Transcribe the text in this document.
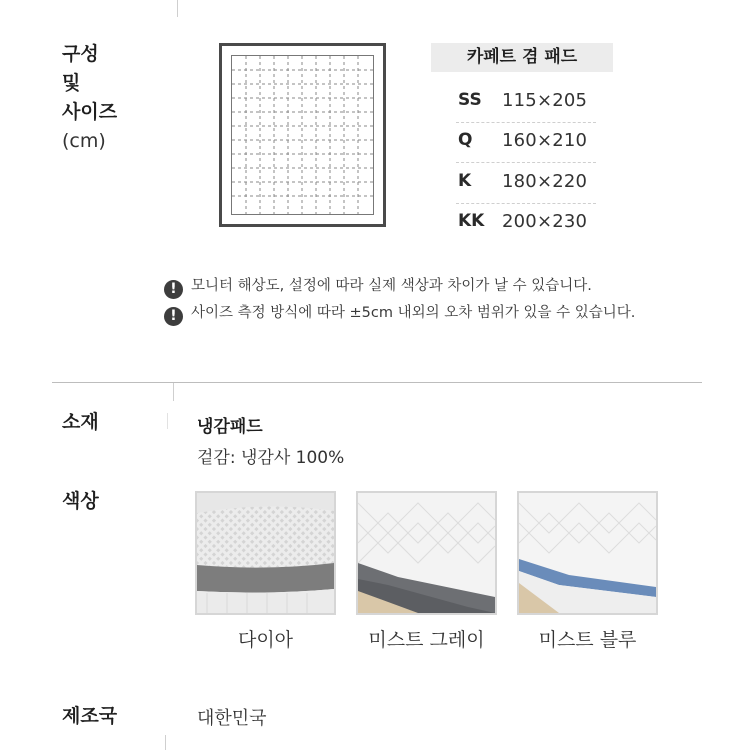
구성
및
사이즈
(cm)
카페트 겸 패드
SS 115×205
Q 160×210
K 180×220
KK 200×230
! 모니터 해상도, 설정에 따라 실제 색상과 차이가 날 수 있습니다.
! 사이즈 측정 방식에 따라 ±5cm 내외의 오차 범위가 있을 수 있습니다.
소재	냉감패드
겉감: 냉감사 100%
색상
다이아	미스트 그레이	미스트 블루
제조국	대한민국
